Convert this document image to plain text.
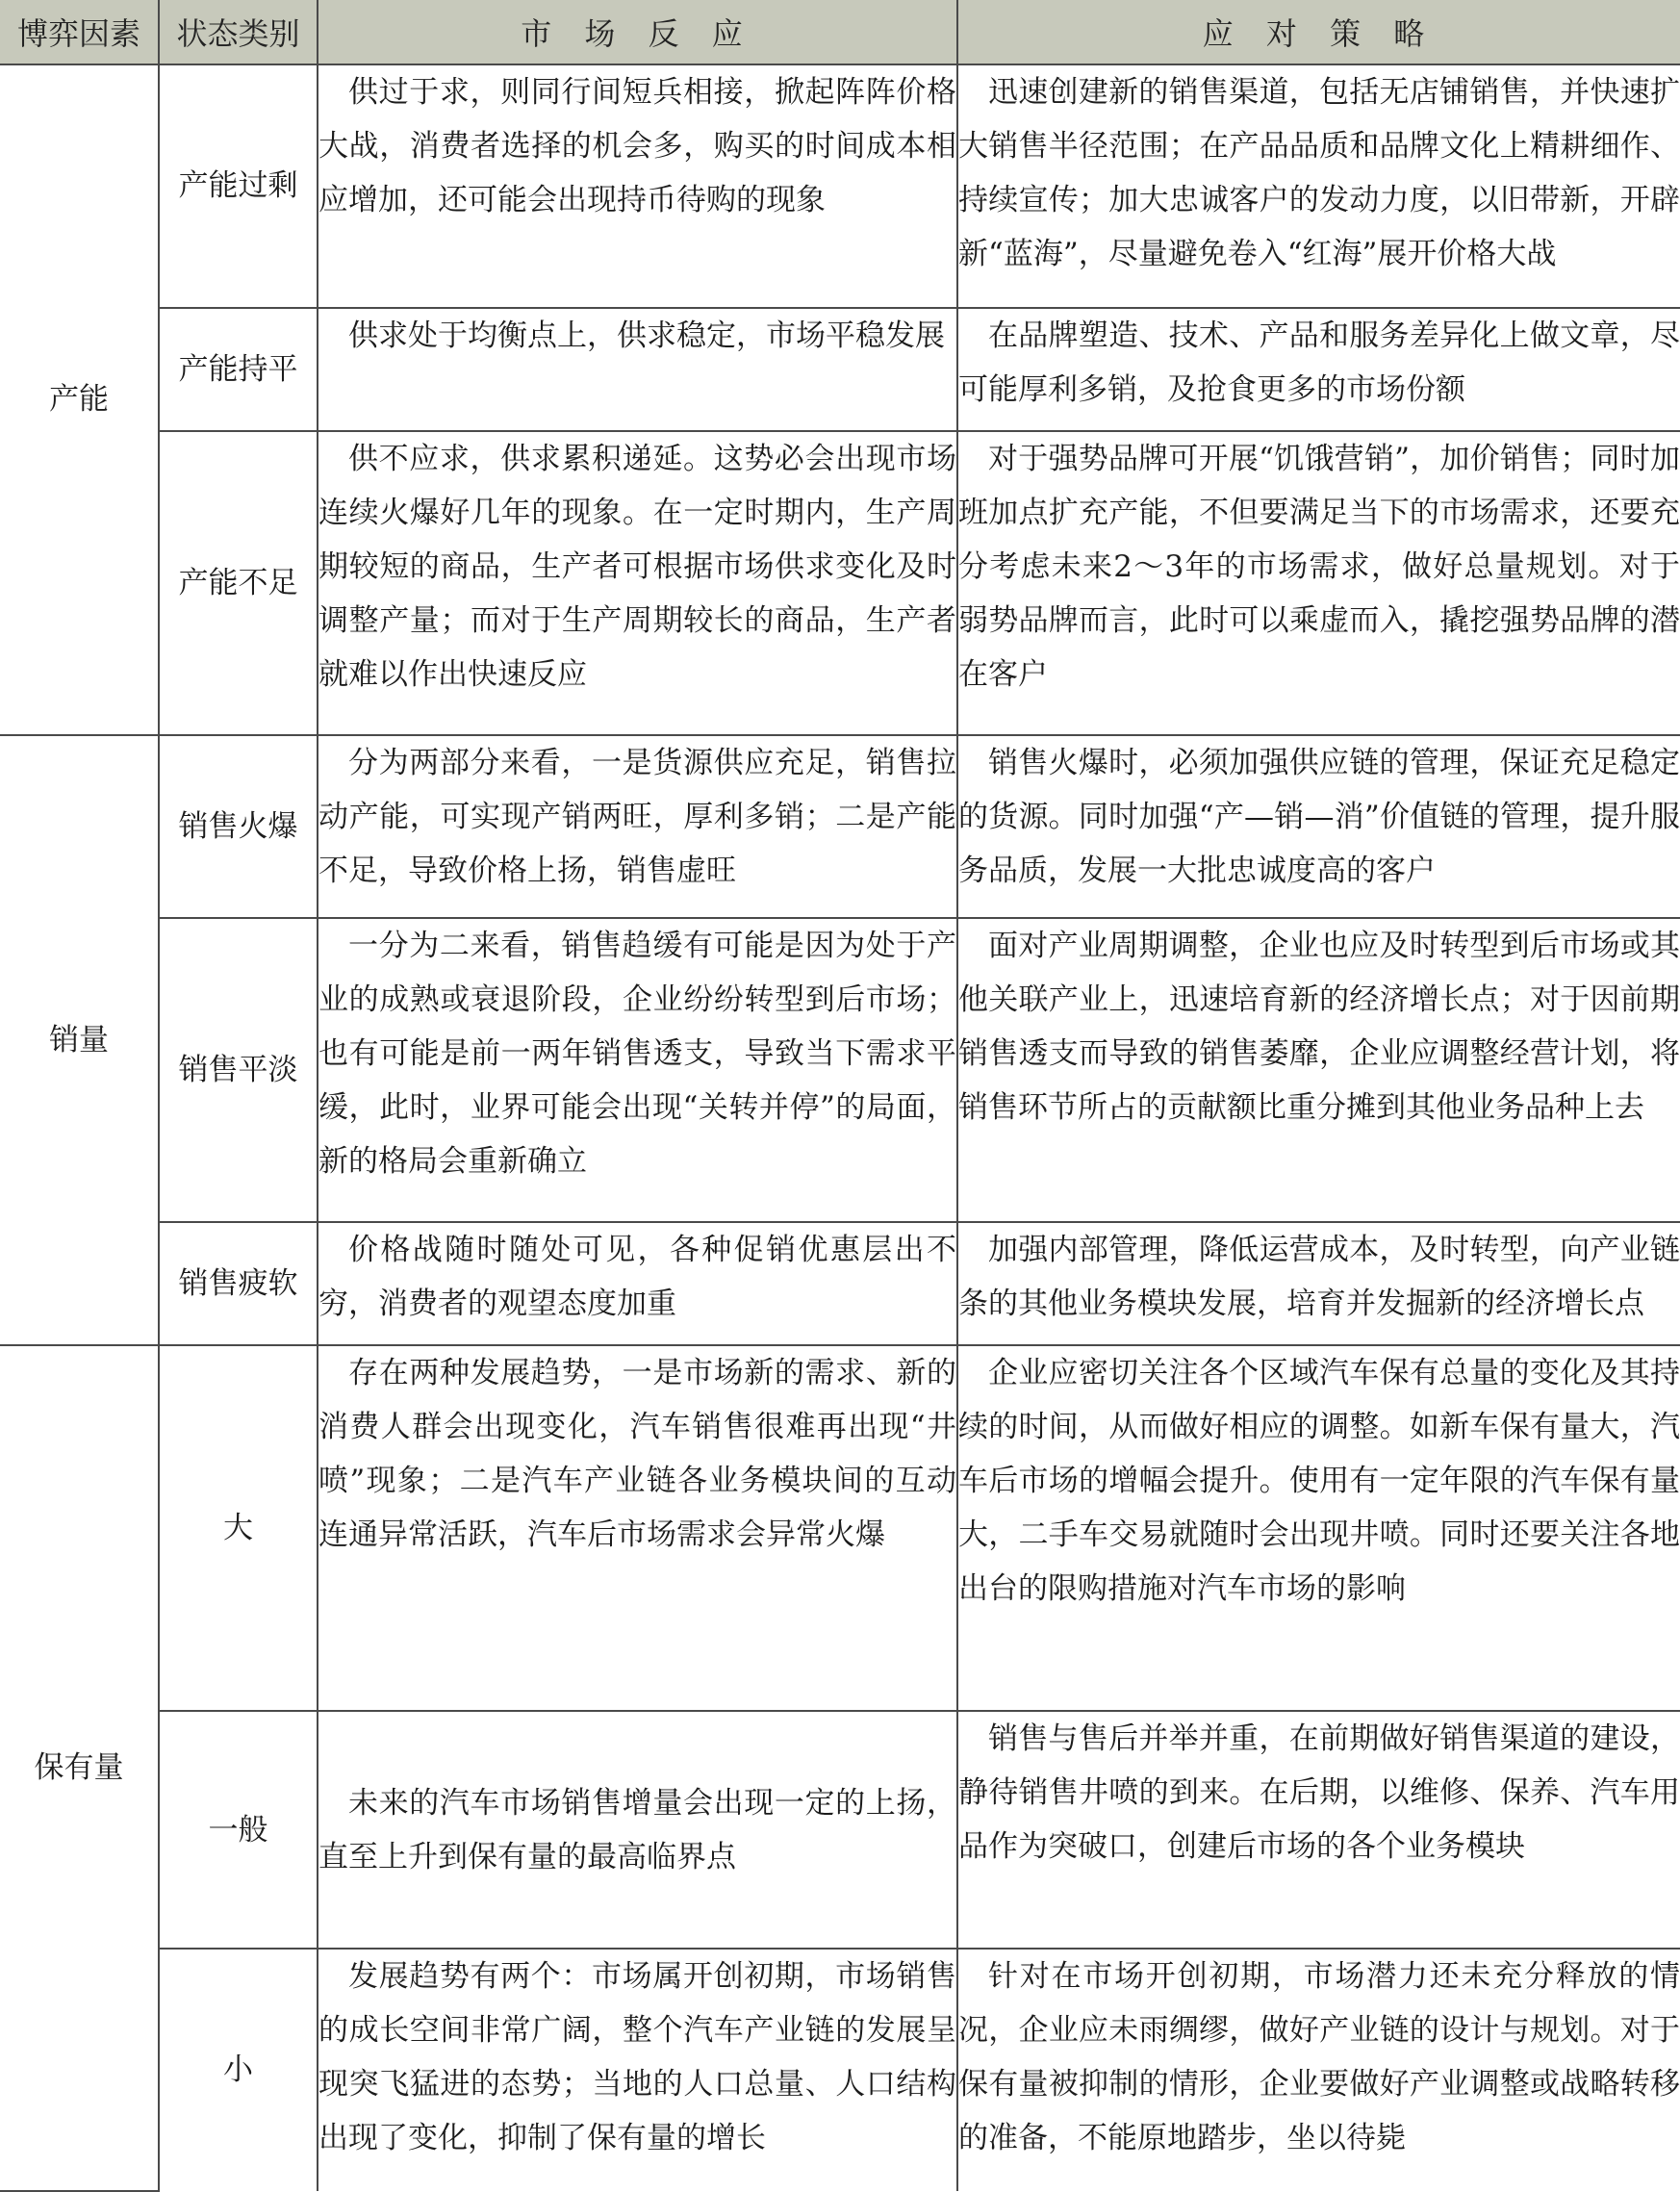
博弈因素	状态类别	市 场 反 应	应 对 策 略
产能	产能过剩	供过于求，则同行间短兵相接，掀起阵阵价格大战，消费者选择的机会多，购买的时间成本相应增加，还可能会出现持币待购的现象	迅速创建新的销售渠道，包括无店铺销售，并快速扩大销售半径范围；在产品品质和品牌文化上精耕细作、持续宣传；加大忠诚客户的发动力度，以旧带新，开辟新“蓝海”，尽量避免卷入“红海”展开价格大战

	产能持平	供求处于均衡点上，供求稳定，市场平稳发展	在品牌塑造、技术、产品和服务差异化上做文章，尽可能厚利多销，及抢食更多的市场份额

	产能不足	供不应求，供求累积递延。这势必会出现市场连续火爆好几年的现象。在一定时期内，生产周期较短的商品，生产者可根据市场供求变化及时调整产量；而对于生产周期较长的商品，生产者就难以作出快速反应	对于强势品牌可开展“饥饿营销”，加价销售；同时加班加点扩充产能，不但要满足当下的市场需求，还要充分考虑未来2～3年的市场需求，做好总量规划。对于弱势品牌而言，此时可以乘虚而入，撬挖强势品牌的潜在客户

销量	销售火爆	分为两部分来看，一是货源供应充足，销售拉动产能，可实现产销两旺，厚利多销；二是产能不足，导致价格上扬，销售虚旺	销售火爆时，必须加强供应链的管理，保证充足稳定的货源。同时加强“产—销—消”价值链的管理，提升服务品质，发展一大批忠诚度高的客户

	销售平淡	一分为二来看，销售趋缓有可能是因为处于产业的成熟或衰退阶段，企业纷纷转型到后市场；也有可能是前一两年销售透支，导致当下需求平缓，此时，业界可能会出现“关转并停”的局面，新的格局会重新确立	面对产业周期调整，企业也应及时转型到后市场或其他关联产业上，迅速培育新的经济增长点；对于因前期销售透支而导致的销售萎靡，企业应调整经营计划，将销售环节所占的贡献额比重分摊到其他业务品种上去

	销售疲软	价格战随时随处可见，各种促销优惠层出不穷，消费者的观望态度加重	加强内部管理，降低运营成本，及时转型，向产业链条的其他业务模块发展，培育并发掘新的经济增长点

保有量	大	存在两种发展趋势，一是市场新的需求、新的消费人群会出现变化，汽车销售很难再出现“井喷”现象；二是汽车产业链各业务模块间的互动连通异常活跃，汽车后市场需求会异常火爆	企业应密切关注各个区域汽车保有总量的变化及其持续的时间，从而做好相应的调整。如新车保有量大，汽车后市场的增幅会提升。使用有一定年限的汽车保有量大，二手车交易就随时会出现井喷。同时还要关注各地出台的限购措施对汽车市场的影响

	一般	未来的汽车市场销售增量会出现一定的上扬，直至上升到保有量的最高临界点	销售与售后并举并重，在前期做好销售渠道的建设，静待销售井喷的到来。在后期，以维修、保养、汽车用品作为突破口，创建后市场的各个业务模块

	小	发展趋势有两个：市场属开创初期，市场销售的成长空间非常广阔，整个汽车产业链的发展呈现突飞猛进的态势；当地的人口总量、人口结构出现了变化，抑制了保有量的增长	针对在市场开创初期，市场潜力还未充分释放的情况，企业应未雨绸缪，做好产业链的设计与规划。对于保有量被抑制的情形，企业要做好产业调整或战略转移的准备，不能原地踏步，坐以待毙
